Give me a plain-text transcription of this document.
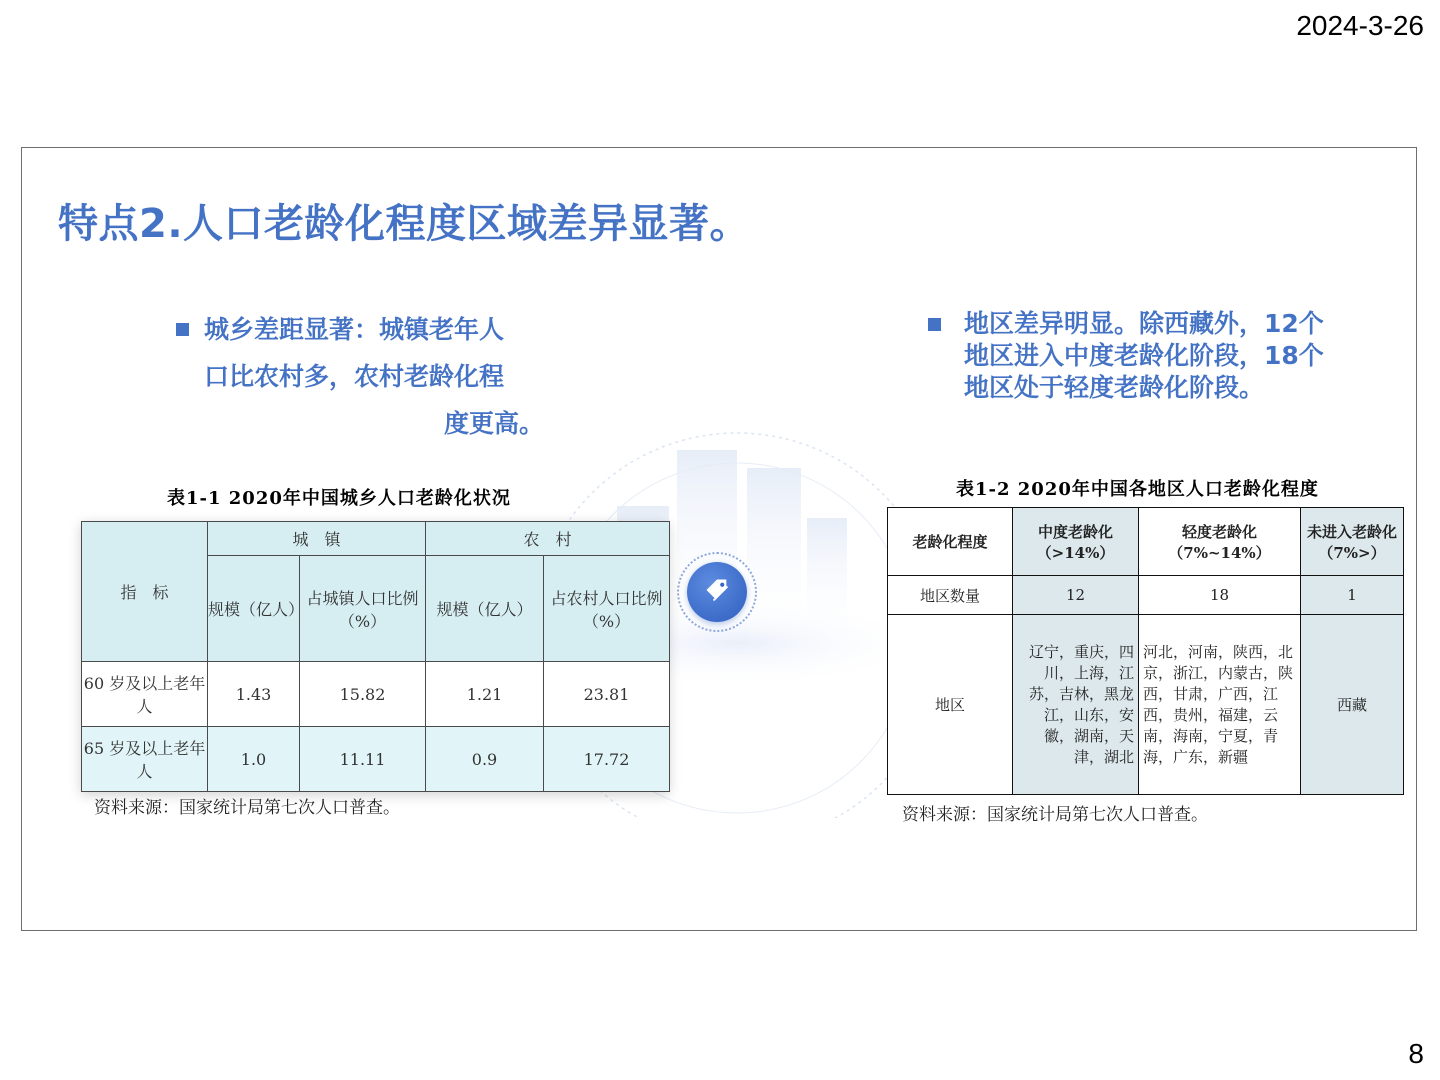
2024-3-26
特点2.人口老龄化程度区域差异显著。
城乡差距显著：城镇老年人
口比农村多，农村老龄化程
度更高。
地区差异明显。除西藏外，12个地区进入中度老龄化阶段，18个地区处于轻度老龄化阶段。
表1-1 2020年中国城乡人口老龄化状况
指　标	城　镇		农　村	
	规模（亿人）	占城镇人口比例（%）	规模（亿人）	占农村人口比例（%）
60 岁及以上老年人	1.43	15.82	1.21	23.81
65 岁及以上老年人	1.0	11.11	0.9	17.72
资料来源：国家统计局第七次人口普查。
表1-2 2020年中国各地区人口老龄化程度
老龄化程度	中度老龄化（>14%）	轻度老龄化（7%~14%）	未进入老龄化（7%>）
地区数量	12	18	1
地区	辽宁，重庆，四川，上海，江苏，吉林，黑龙江，山东，安徽，湖南，天津，湖北	河北，河南，陕西，北京，浙江，内蒙古，陕西，甘肃，广西，江西，贵州，福建，云南，海南，宁夏，青海，广东，新疆	西藏
资料来源：国家统计局第七次人口普查。
8
